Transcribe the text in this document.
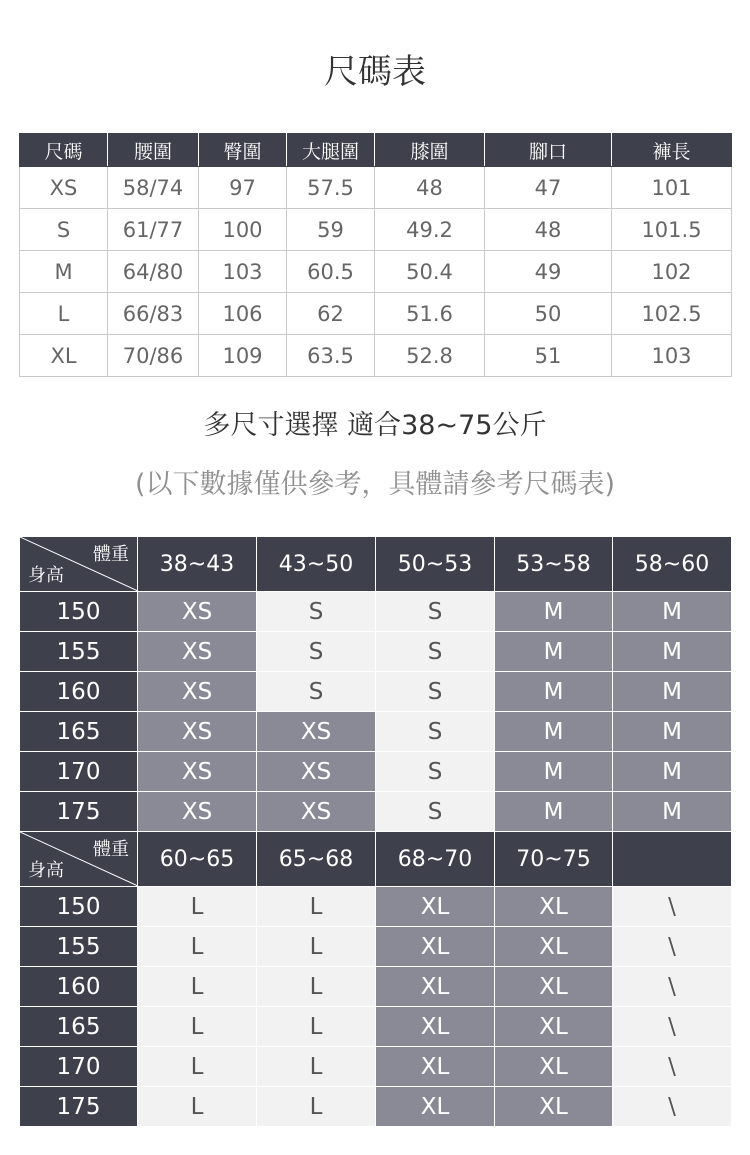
尺碼表
尺碼	腰圍	臀圍	大腿圍	膝圍	腳口	褲長
XS	58/74	97	57.5	48	47	101
S	61/77	100	59	49.2	48	101.5
M	64/80	103	60.5	50.4	49	102
L	66/83	106	62	51.6	50	102.5
XL	70/86	109	63.5	52.8	51	103
多尺寸選擇 適合38~75公斤
(以下數據僅供參考，具體請參考尺碼表)
體重
身高	38~43	43~50	50~53	53~58	58~60
150	XS	S	S	M	M
155	XS	S	S	M	M
160	XS	S	S	M	M
165	XS	XS	S	M	M
170	XS	XS	S	M	M
175	XS	XS	S	M	M

體重
身高	60~65	65~68	68~70	70~75	
150	L	L	XL	XL	\
155	L	L	XL	XL	\
160	L	L	XL	XL	\
165	L	L	XL	XL	\
170	L	L	XL	XL	\
175	L	L	XL	XL	\
